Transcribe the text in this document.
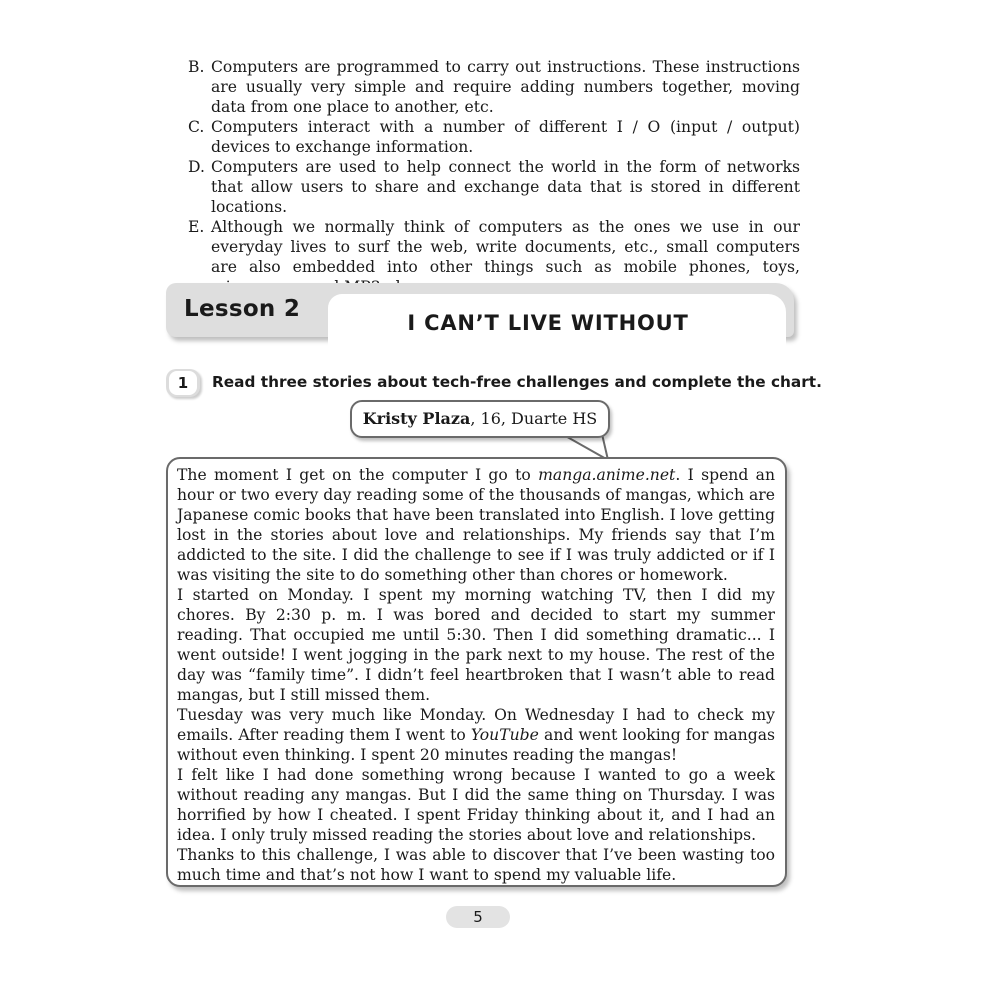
B. Computers are programmed to carry out instructions. These instructions are usually very simple and require adding numbers together, moving data from one place to another, etc.
C. Computers interact with a number of different I / O (input / output) devices to exchange information.
D. Computers are used to help connect the world in the form of networks that allow users to share and exchange data that is stored in different locations.
E. Although we normally think of computers as the ones we use in our everyday lives to surf the web, write documents, etc., small computers are also embedded into other things such as mobile phones, toys,
Lesson 2
I CAN’T LIVE WITHOUT
1	Read three stories about tech-free challenges and complete the chart.
Kristy Plaza, 16, Duarte HS

The moment I get on the computer I go to manga.anime.net. I spend an hour or two every day reading some of the thousands of mangas, which are Japanese comic books that have been translated into English. I love getting lost in the stories about love and relationships. My friends say that I’m addicted to the site. I did the challenge to see if I was truly addicted or if I was visiting the site to do something other than chores or homework.

I started on Monday. I spent my morning watching TV, then I did my chores. By 2:30 p. m. I was bored and decided to start my summer reading. That occupied me until 5:30. Then I did something dramatic... I went outside! I went jogging in the park next to my house. The rest of the day was “family time”. I didn’t feel heartbroken that I wasn’t able to read mangas, but I still missed them.

Tuesday was very much like Monday. On Wednesday I had to check my emails. After reading them I went to YouTube and went looking for mangas without even thinking. I spent 20 minutes reading the mangas!

I felt like I had done something wrong because I wanted to go a week without reading any mangas. But I did the same thing on Thursday. I was horrified by how I cheated. I spent Friday thinking about it, and I had an idea. I only truly missed reading the stories about love and relationships.

Thanks to this challenge, I was able to discover that I’ve been wasting too much time and that’s not how I want to spend my valuable life.

5
